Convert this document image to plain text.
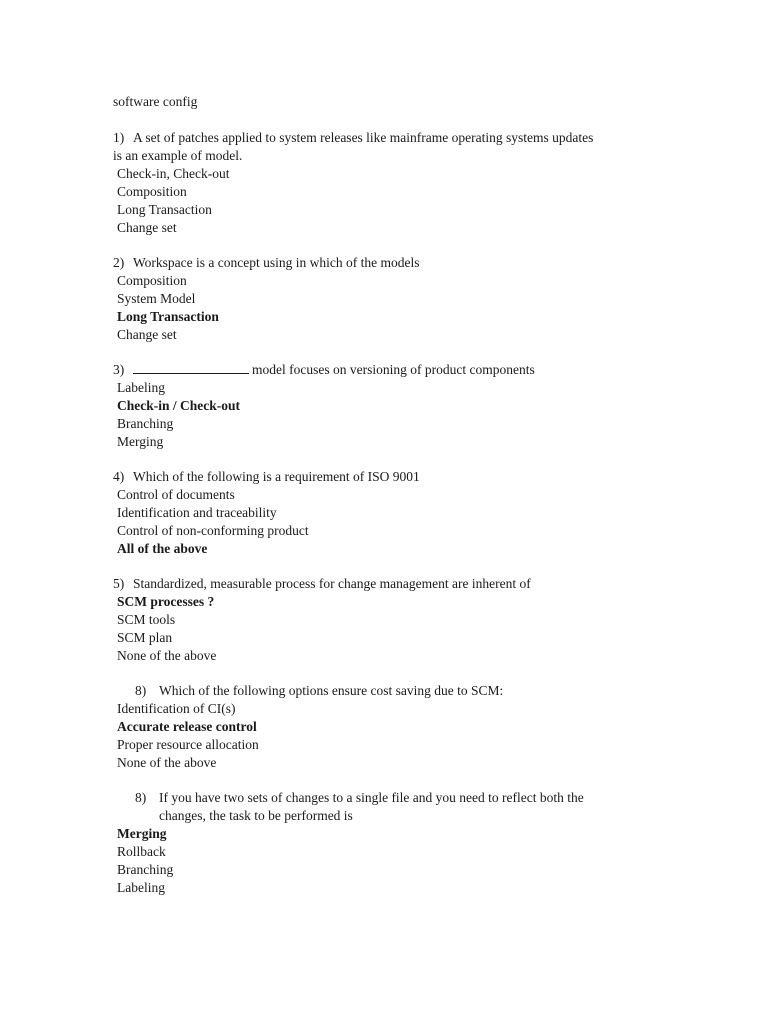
software config
1) A set of patches applied to system releases like mainframe operating systems updates
is an example of model.
Check-in, Check-out
Composition
Long Transaction
Change set
2) Workspace is a concept using in which of the models
Composition
System Model
Long Transaction
Change set
3)	model focuses on versioning of product components
Labeling
Check-in / Check-out
Branching
Merging
4) Which of the following is a requirement of ISO 9001
Control of documents
Identification and traceability
Control of non-conforming product
All of the above
5) Standardized, measurable process for change management are inherent of
SCM processes ?
SCM tools
SCM plan
None of the above
8) Which of the following options ensure cost saving due to SCM:
Identification of CI(s)
Accurate release control
Proper resource allocation
None of the above
8) If you have two sets of changes to a single file and you need to reflect both the
changes, the task to be performed is
Merging
Rollback
Branching
Labeling
